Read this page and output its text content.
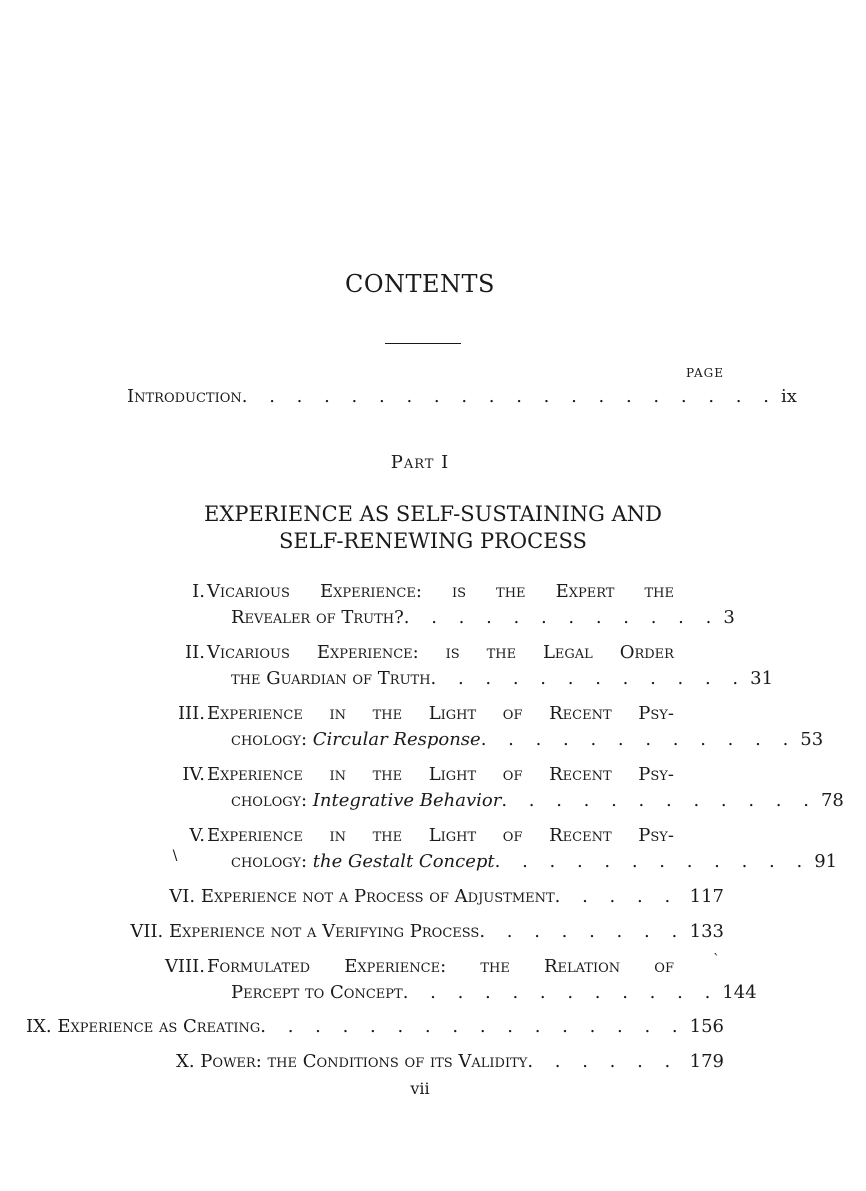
CONTENTS
PAGE
Introduction . . . . . . . . . . . . . . . . . . . . ix
Part I
EXPERIENCE AS SELF-SUSTAINING AND
SELF-RENEWING PROCESS
I. Vicarious Experience: is the Expert the
Revealer of Truth? . . . . . . . . . . . . 3
II. Vicarious Experience: is the Legal Order
the Guardian of Truth . . . . . . . . . . . . 31
III. Experience in the Light of Recent Psy-
chology:
Circular Response . . . . . . . . . . . . 53
IV. Experience in the Light of Recent Psy-
chology:
Integrative Behavior . . . . . . . . . . . . 78
V. Experience in the Light of Recent Psy-
∖	chology:
the Gestalt Concept . . . . . . . . . . . . 91
VI.
Experience not a Process of Adjustment . . . . . 117
VII.
Experience not a Verifying Process . . . . . . . . 133
VIII. Formulated Experience: the Relation of	ˋ
Percept to Concept . . . . . . . . . . . . 144
IX.
Experience as Creating . . . . . . . . . . . . . . . . 156
X.
Power: the Conditions of its Validity . . . . . . 179
vii
